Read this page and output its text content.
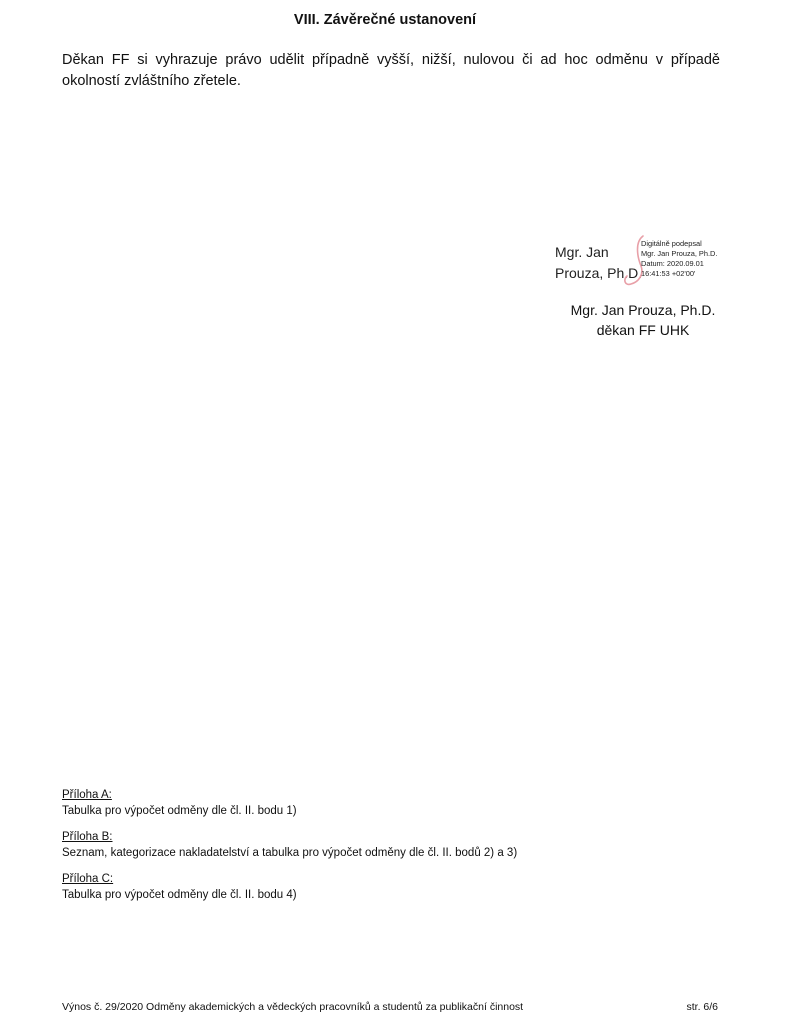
VIII. Závěrečné ustanovení
Děkan FF si vyhrazuje právo udělit případně vyšší, nižší, nulovou či ad hoc odměnu v případě okolností zvláštního zřetele.
Mgr. Jan
Prouza, Ph.D.
Digitálně podepsal
Mgr. Jan Prouza, Ph.D.
Datum: 2020.09.01
16:41:53 +02'00'
Mgr. Jan Prouza, Ph.D.
děkan FF UHK
Příloha A:
Tabulka pro výpočet odměny dle čl. II. bodu 1)
Příloha B:
Seznam, kategorizace nakladatelství a tabulka pro výpočet odměny dle čl. II. bodů 2) a 3)
Příloha C:
Tabulka pro výpočet odměny dle čl. II. bodu 4)
Výnos č. 29/2020 Odměny akademických a vědeckých pracovníků a studentů za publikační činnost	str. 6/6
